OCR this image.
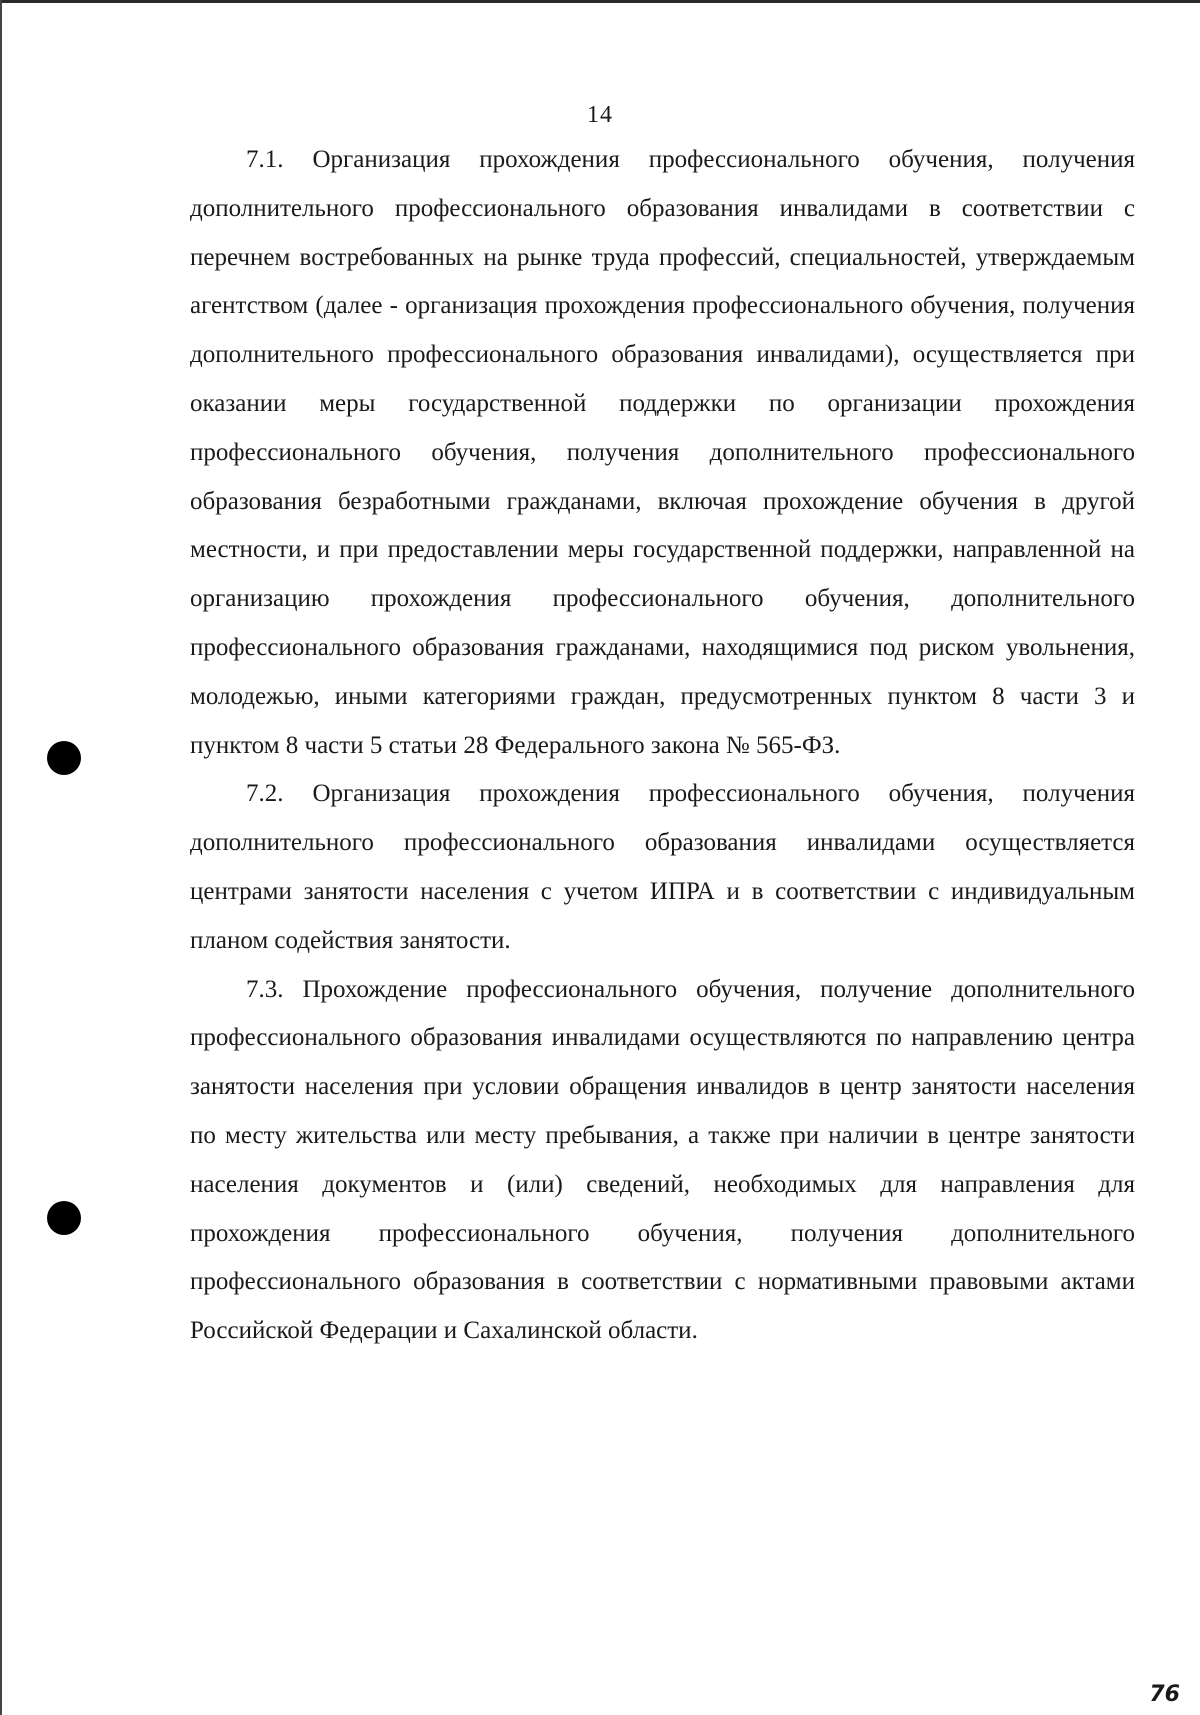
14

7.1. Организация прохождения профессионального обучения, получения дополнительного профессионального образования инвалидами в соответствии с перечнем востребованных на рынке труда профессий, специальностей, утверждаемым агентством (далее - организация прохождения профессионального обучения, получения дополнительного профессионального образования инвалидами), осуществляется при оказании меры государственной поддержки по организации прохождения профессионального обучения, получения дополнительного профессионального образования безработными гражданами, включая прохождение обучения в другой местности, и при предоставлении меры государственной поддержки, направленной на организацию прохождения профессионального обучения, дополнительного профессионального образования гражданами, находящимися под риском увольнения, молодежью, иными категориями граждан, предусмотренных пунктом 8 части 3 и пунктом 8 части 5 статьи 28 Федерального закона № 565-ФЗ.

7.2. Организация прохождения профессионального обучения, получения дополнительного профессионального образования инвалидами осуществляется центрами занятости населения с учетом ИПРА и в соответствии с индивидуальным планом содействия занятости.

7.3. Прохождение профессионального обучения, получение дополнительного профессионального образования инвалидами осуществляются по направлению центра занятости населения при условии обращения инвалидов в центр занятости населения по месту жительства или месту пребывания, а также при наличии в центре занятости населения документов и (или) сведений, необходимых для направления для прохождения профессионального обучения, получения дополнительного профессионального образования в соответствии с нормативными правовыми актами Российской Федерации и Сахалинской области.

76
